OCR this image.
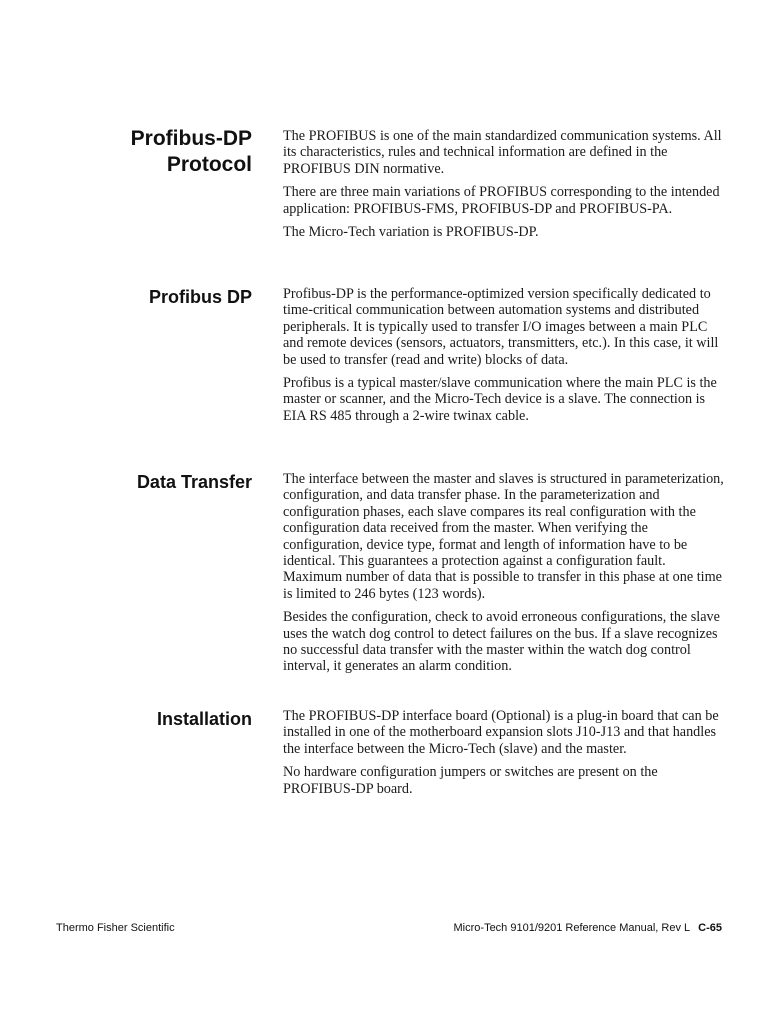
Profibus-DP
Protocol

The PROFIBUS is one of the main standardized communication systems. All its characteristics, rules and technical information are defined in the PROFIBUS DIN normative.

There are three main variations of PROFIBUS corresponding to the intended application: PROFIBUS-FMS, PROFIBUS-DP and PROFIBUS-PA.

The Micro-Tech variation is PROFIBUS-DP.

Profibus DP Profibus-DP is the performance-optimized version specifically dedicated to time-critical communication between automation systems and distributed peripherals. It is typically used to transfer I/O images between a main PLC and remote devices (sensors, actuators, transmitters, etc.). In this case, it will be used to transfer (read and write) blocks of data.

Profibus is a typical master/slave communication where the main PLC is the master or scanner, and the Micro-Tech device is a slave. The connection is EIA RS 485 through a 2-wire twinax cable.

Data Transfer The interface between the master and slaves is structured in parameterization, configuration, and data transfer phase. In the parameterization and configuration phases, each slave compares its real configuration with the configuration data received from the master. When verifying the configuration, device type, format and length of information have to be identical. This guarantees a protection against a configuration fault. Maximum number of data that is possible to transfer in this phase at one time is limited to 246 bytes (123 words).

Besides the configuration, check to avoid erroneous configurations, the slave uses the watch dog control to detect failures on the bus. If a slave recognizes no successful data transfer with the master within the watch dog control interval, it generates an alarm condition.

Installation The PROFIBUS-DP interface board (Optional) is a plug-in board that can be installed in one of the motherboard expansion slots J10-J13 and that handles the interface between the Micro-Tech (slave) and the master.

No hardware configuration jumpers or switches are present on the PROFIBUS-DP board.

Thermo Fisher Scientific	Micro-Tech 9101/9201 Reference Manual, Rev L C-65
